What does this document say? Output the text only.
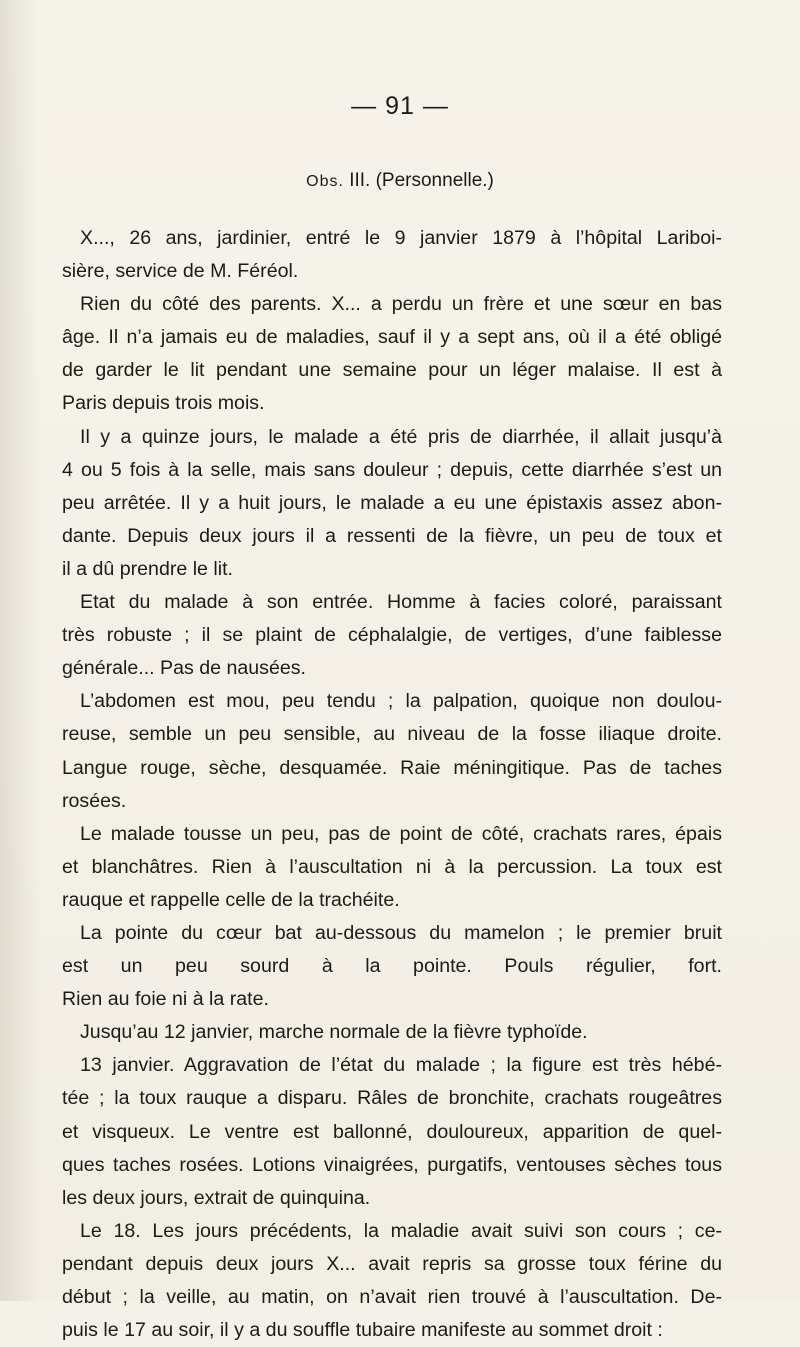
— 91 —
Obs. III. (Personnelle.)

X..., 26 ans, jardinier, entré le 9 janvier 1879 à l’hôpital Lariboi-
sière, service de M. Féréol.

Rien du côté des parents. X... a perdu un frère et une sœur en bas
âge. Il n’a jamais eu de maladies, sauf il y a sept ans, où il a été obligé
de garder le lit pendant une semaine pour un léger malaise. Il est à
Paris depuis trois mois.

Il y a quinze jours, le malade a été pris de diarrhée, il allait jusqu’à
4 ou 5 fois à la selle, mais sans douleur ; depuis, cette diarrhée s’est un
peu arrêtée. Il y a huit jours, le malade a eu une épistaxis assez abon-
dante. Depuis deux jours il a ressenti de la fièvre, un peu de toux et
il a dû prendre le lit.

Etat du malade à son entrée. Homme à facies coloré, paraissant
très robuste ; il se plaint de céphalalgie, de vertiges, d’une faiblesse
générale... Pas de nausées.

L’abdomen est mou, peu tendu ; la palpation, quoique non doulou-
reuse, semble un peu sensible, au niveau de la fosse iliaque droite.
Langue rouge, sèche, desquamée. Raie méningitique. Pas de taches
rosées.

Le malade tousse un peu, pas de point de côté, crachats rares, épais
et blanchâtres. Rien à l’auscultation ni à la percussion. La toux est
rauque et rappelle celle de la trachéite.

La pointe du cœur bat au-dessous du mamelon ; le premier bruit
est un peu sourd à la pointe. Pouls régulier, fort.
Rien au foie ni à la rate.

Jusqu’au 12 janvier, marche normale de la fièvre typhoïde.

13 janvier. Aggravation de l’état du malade ; la figure est très hébé-
tée ; la toux rauque a disparu. Râles de bronchite, crachats rougeâtres
et visqueux. Le ventre est ballonné, douloureux, apparition de quel-
ques taches rosées. Lotions vinaigrées, purgatifs, ventouses sèches tous
les deux jours, extrait de quinquina.

Le 18. Les jours précédents, la maladie avait suivi son cours ; ce-
pendant depuis deux jours X... avait repris sa grosse toux férine du
début ; la veille, au matin, on n’avait rien trouvé à l’auscultation. De-
puis le 17 au soir, il y a du souffle tubaire manifeste au sommet droit :
